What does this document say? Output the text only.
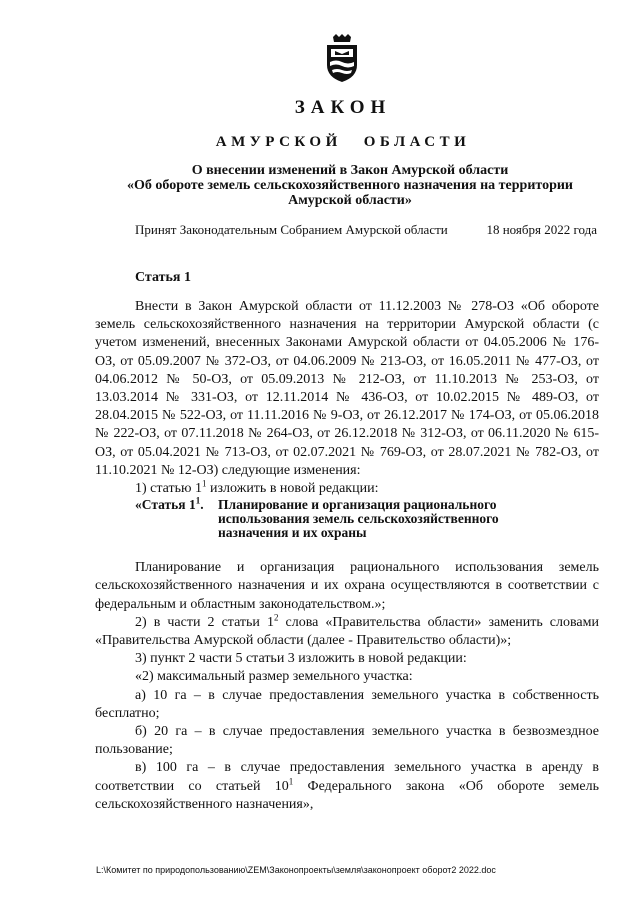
ЗАКОН
АМУРСКОЙ ОБЛАСТИ
О внесении изменений в Закон Амурской области
«Об обороте земель сельскохозяйственного назначения на территории
Амурской области»
Принят Законодательным Собранием Амурской области	18 ноября 2022 года
Статья 1

Внести в Закон Амурской области от 11.12.2003 № 278-ОЗ «Об обороте земель сельскохозяйственного назначения на территории Амурской области (с учетом изменений, внесенных Законами Амурской области от 04.05.2006 № 176-ОЗ, от 05.09.2007 № 372-ОЗ, от 04.06.2009 № 213-ОЗ, от 16.05.2011 № 477-ОЗ, от 04.06.2012 № 50-ОЗ, от 05.09.2013 № 212-ОЗ, от 11.10.2013 № 253-ОЗ, от 13.03.2014 № 331-ОЗ, от 12.11.2014 № 436-ОЗ, от 10.02.2015 № 489-ОЗ, от 28.04.2015 № 522-ОЗ, от 11.11.2016 № 9-ОЗ, от 26.12.2017 № 174-ОЗ, от 05.06.2018 № 222-ОЗ, от 07.11.2018 № 264-ОЗ, от 26.12.2018 № 312-ОЗ, от 06.11.2020 № 615-ОЗ, от 05.04.2021 № 713-ОЗ, от 02.07.2021 № 769-ОЗ, от 28.07.2021 № 782-ОЗ, от 11.10.2021 № 12-ОЗ) следующие изменения:

1) статью $1^1$ изложить в новой редакции:

«Статья $1^1$. Планирование и организация рационального
использования земель сельскохозяйственного
назначения и их охраны

Планирование и организация рационального использования земель сельскохозяйственного назначения и их охрана осуществляются в соответствии с федеральным и областным законодательством.»;

2) в части 2 статьи $1^2$ слова «Правительства области» заменить словами «Правительства Амурской области (далее - Правительство области)»;

3) пункт 2 части 5 статьи 3 изложить в новой редакции:

«2) максимальный размер земельного участка:

а) 10 га – в случае предоставления земельного участка в собственность бесплатно;

б) 20 га – в случае предоставления земельного участка в безвозмездное пользование;

в) 100 га – в случае предоставления земельного участка в аренду в соответствии со статьей $10^1$ Федерального закона «Об обороте земель сельскохозяйственного назначения»,

L:\Комитет по природопользованию\ZEM\Законопроекты\земля\законопроект оборот2 2022.doc
